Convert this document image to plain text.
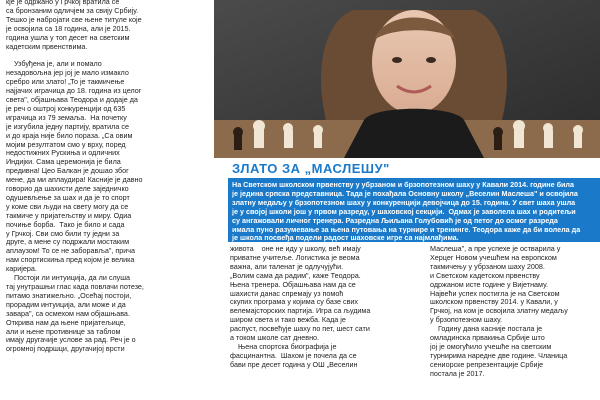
кје је одржано у Грчкој вратила се
са бронзаним одличјем за свију Србију.
Тешко је набројати све њене титуле које
је освојила са 18 година, али је 2015.
година ушла у топ десет на светским
кадетским првенствима.

Узбуђена је, али и помало
незадовољна јер јој је мало измакло
сребро или злато! „То је такмичење
најјачих играчица до 18. година из целог
света", објашњава Теодора и додаје да
је реч о оштрој конкуренцији од 635
играчица из 79 земаља.  На почетку
је изгубила једну партију, вратила се
и до краја није било пораза. „Са овим
мојим резултатом смо у врху, поред
недостижних Рускиња и одличних
Индијки. Сама церемонија је била
предивна! Цео Балкан је дошао због
мене, да ми аплаудира! Касније је давно
говорио да шахисти деле заједничко
одушевљење за шах и да је то спорт
у коме сви људи на свету могу да се
такмиче у пријатељству и миру. Одиа
почиње борба.  Тако је било и сада
у Грчкој. Сви смо били ту једни за
друге, а мене су подржали мостаким
аплаузом! То се не заборавља", прича
нам спортискиња пред којом је велика
каријера.
Постоји ли интуиција, да ли слуша
тај унутрашњи глас када повлачи потезе,
питамо знатижељно. „Осећај постоји,
прорадим интуиција, али може и да
завара", са осмехом нам објашњава.
Открива нам да њене пријатељице,
али и њене противнице за таблом
имају другачије услове за рад. Реч је о
огромној подршци, другачијој врсти
ЗЛАТО ЗА „МАСЛЕШУ"

На Светском школском првенству у убрзаном и брзопотезном шаху у Кавали 2014. године била
је једина српска представница. Тада је похађала Основну школу „Веселин Маслеша" и освојила
златну медаљу у брзопотезном шаху у конкуренцији девојчица до 15. година. У свет шаха ушла
је у својој школи још у првом разреду, у шаховској секцији.  Одмах је заволела шах и родитељи
су ангажовали личног тренера. Разредна Љиљана Голубовић је од петог до осмог разреда
имала пуно разумевање за њена путовања на турнире и тренинге. Теодора каже да би волела да
је школа посвеђа подели радост шаховске игре са најмлађима.

живота    оне не иду у школу, већ имају
приватне учитеље. Логистика је веома
важна, али таленат је одлучујући.
„Волим сама да радим", каже Теодора.
Њена тренера. Објашњава нам да се
шахисти данас спремају уз помоћ
скупих програма у којима су базе свих
велемајсторских партија. Игра са људима
широм света и тако вежба. Када је
распуст, посвећује шаху по пет, шест сати
а током школе сат дневно.
Њена спортска биографија је
фасцинантна.  Шахом је почела да се
бави пре десет година у ОШ „Веселин
Маслеша", а пре успехе је остварила у
Херцег Новом учешћем на европском
такмичењу у убрзаном шаху 2008.
и Светском кадетском првенству
одржаном исте године у Вијетнаму.
Највећи успех постигла је на Светском
школском првенству 2014. у Кавали, у
Грчкој, на ком је освојила златну медаљу
у брзопотезном шаху.
Годину дана касније постала је
омладинска првакиња Србије што
јој је омогућило учешће на светским
турнирима наредне две године. Чланица
сениорске репрезентације Србије
постала је 2017.
